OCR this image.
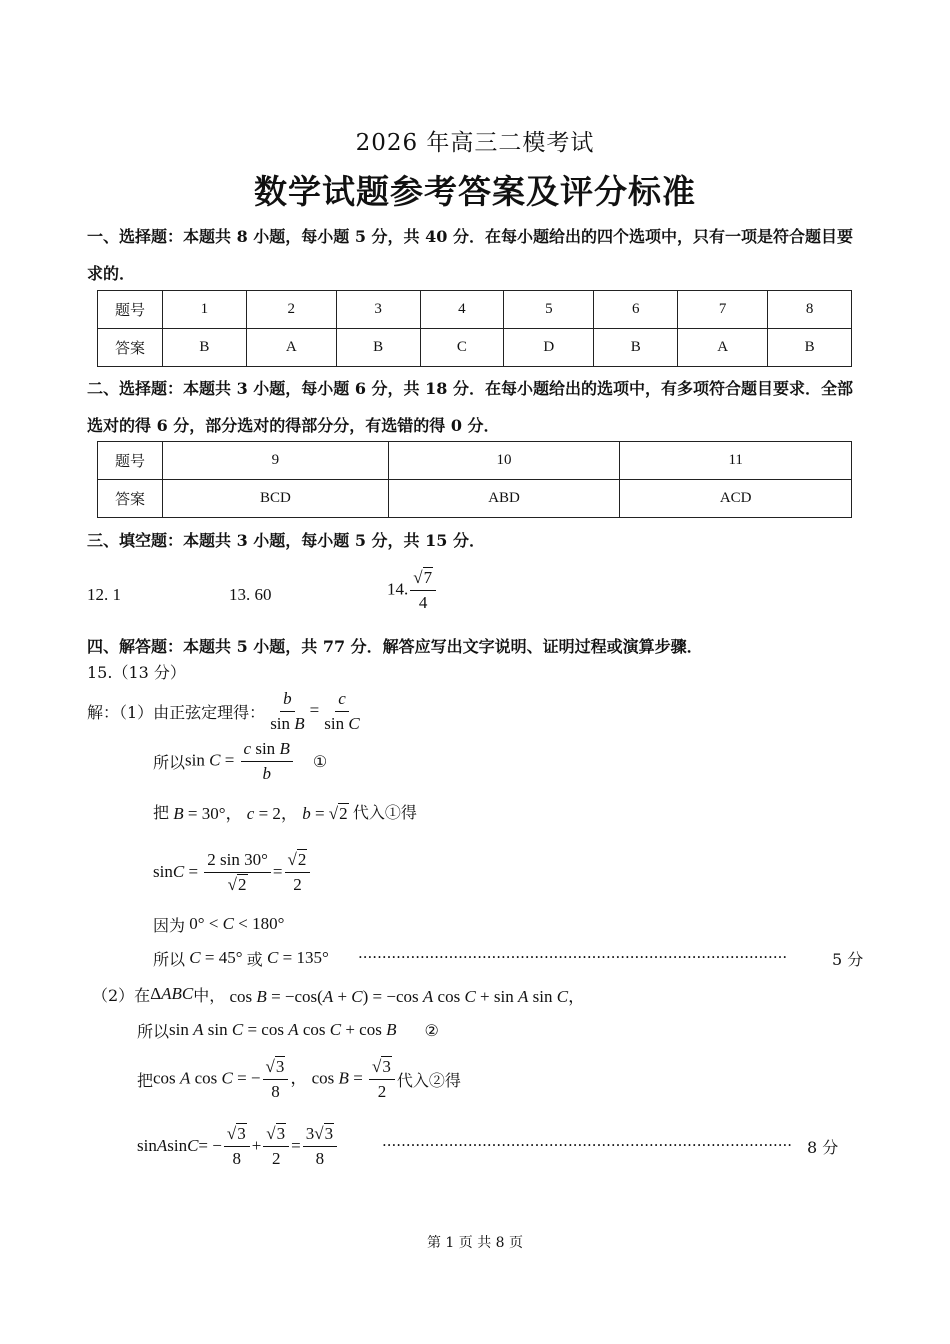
2026 年高三二模考试
数学试题参考答案及评分标准
一、选择题：本题共 8 小题，每小题 5 分，共 40 分．在每小题给出的四个选项中，只有一项是符合题目要
求的．
题号	1	2	3	4	5	6	7	8
答案	B	A	B	C	D	B	A	B
二、选择题：本题共 3 小题，每小题 6 分，共 18 分．在每小题给出的选项中，有多项符合题目要求．全部
选对的得 6 分，部分选对的得部分分，有选错的得 0 分．
题号	9	10	11
答案	BCD	ABD	ACD
三、填空题：本题共 3 小题，每小题 5 分，共 15 分．
12. 1	13. 60	14. $\frac{√7}{4}$
四、解答题：本题共 5 小题，共 77 分．解答应写出文字说明、证明过程或演算步骤．
15.（13 分）
解：（1）由正弦定理得： $\frac{b}{\text{sin B}} = \frac{c}{\text{sin C}}$
所以 $\sin C = \frac{\text{c sin B}}{b}$ ①
把 B = 30°， c = 2， b = √2 代入①得
$\sin C = \frac{2 \sin 30^\circ}{√2} = \frac{√2}{2}$
因为 0° < C < 180°
所以 C = 45° 或 C = 135° ··························································································	5 分
（2）在 ΔABC 中， cos B = −cos(A + C) = −cos A cos C + sin A sin C，
所以 sin A sin C = cos A cos C + cos B ②
把 cos A cos C = − $\frac{√3}{8}$ ， $\cos B = \frac{√3}{2}$ 代入②得
sin A sin C = − $\frac{√3}{8} + \frac{√3}{2} = \frac{3√3}{8}$	······················································································ 8 分
第 1 页 共 8 页
